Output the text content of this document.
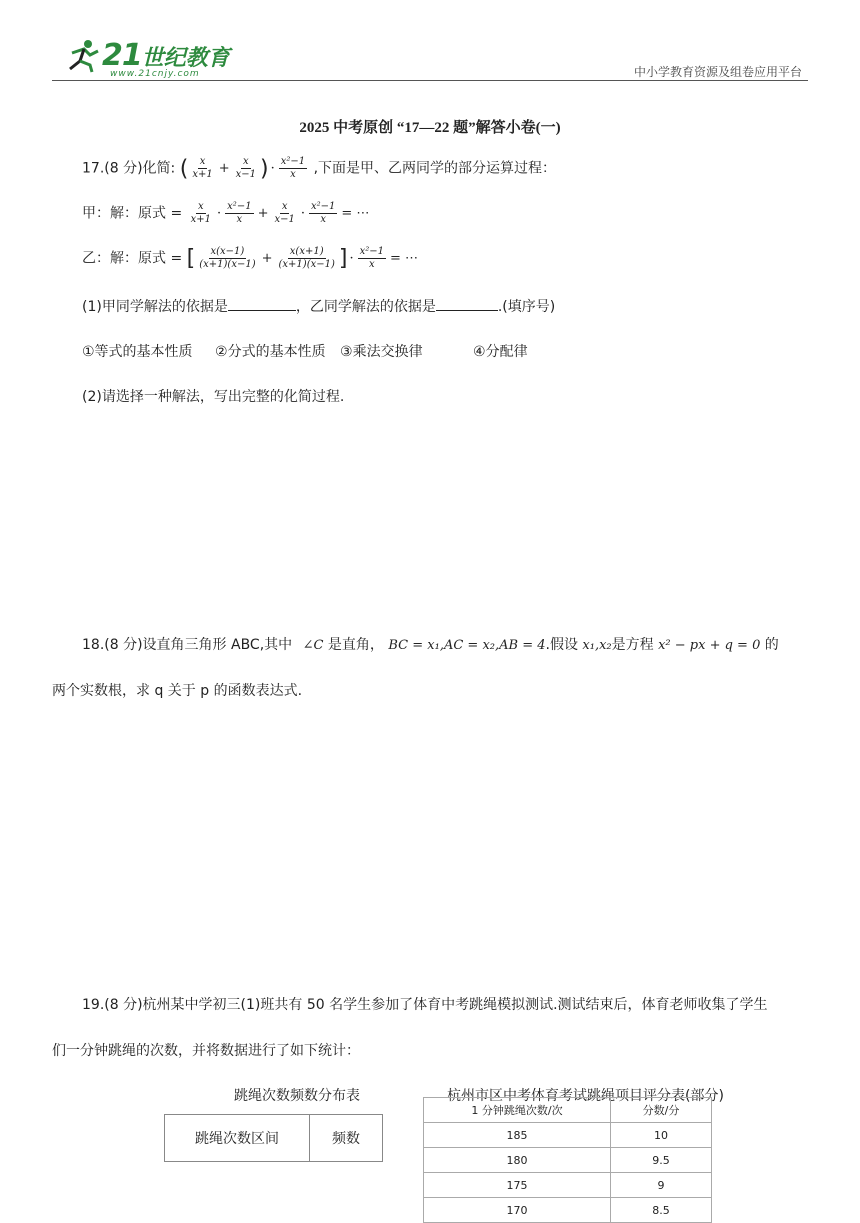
21世纪教育
www.21cnjy.com	中小学教育资源及组卷应用平台
2025 中考原创 “17—22 题”解答小卷(一)
17.(8 分)化简: ( $\frac{x}{x+1} + \frac{x}{x-1}$ ) · $\frac{\text{x²−1}}{x}$ ,下面是甲、乙两同学的部分运算过程：
甲：解：原式 = $\frac{x}{x+1} \cdot \frac{\text{x²−1}}{x} + \frac{x}{x-1} \cdot \frac{\text{x²−1}}{x}$ = ⋯
乙：解：原式 = [ $\frac{x(x-1)}{(x+1)(x-1)} + \frac{x(x+1)}{(x+1)(x-1)}$ ] · $\frac{\text{x²−1}}{x}$ = ⋯
(1)甲同学解法的依据是	，乙同学解法的依据是	.(填序号)
①等式的基本性质 ②分式的基本性质 ③乘法交换律	④分配律
(2)请选择一种解法，写出完整的化简过程.
18.(8 分)设直角三角形 ABC,其中 ∠C 是直角， BC = x₁,AC = x₂,AB = 4.假设 x₁,x₂是方程 x² − px + q = 0 的
两个实数根，求 q 关于 p 的函数表达式.
19.(8 分)杭州某中学初三(1)班共有 50 名学生参加了体育中考跳绳模拟测试.测试结束后，体育老师收集了学生
们一分钟跳绳的次数，并将数据进行了如下统计：
跳绳次数频数分布表	杭州市区中考体育考试跳绳项目评分表(部分)
跳绳次数区间	频数
1 分钟跳绳次数/次	分数/分
185	10
180	9.5
175	9
170	8.5
